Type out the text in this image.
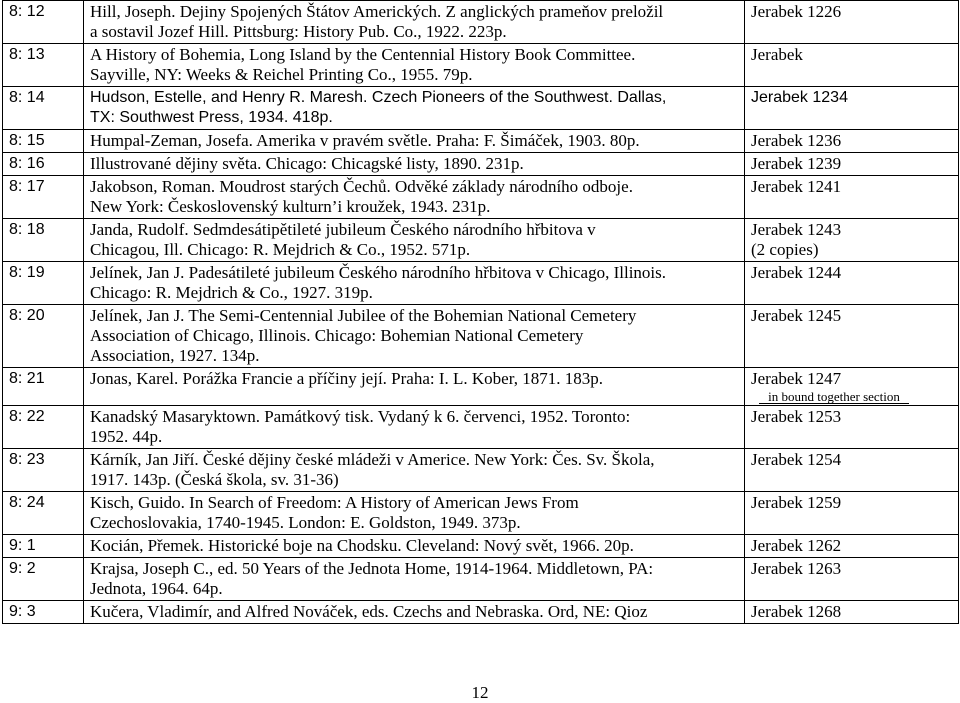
8: 12	Hill, Joseph. Dejiny Spojených Štátov Amerických. Z anglických prameňov preložil
a sostavil Jozef Hill. Pittsburg: History Pub. Co., 1922. 223p.	Jerabek 1226

8: 13	A History of Bohemia, Long Island by the Centennial History Book Committee.
Sayville, NY: Weeks & Reichel Printing Co., 1955. 79p.	Jerabek

8: 14	Hudson, Estelle, and Henry R. Maresh. Czech Pioneers of the Southwest. Dallas,
TX: Southwest Press, 1934. 418p.	Jerabek 1234

8: 15	Humpal-Zeman, Josefa. Amerika v pravém světle. Praha: F. Šimáček, 1903. 80p.	Jerabek 1236

8: 16	Illustrované dějiny světa. Chicago: Chicagské listy, 1890. 231p.	Jerabek 1239

8: 17	Jakobson, Roman. Moudrost starých Čechů. Odvěké základy národního odboje.
New York: Československý kulturn’i kroužek, 1943. 231p.	Jerabek 1241

8: 18	Janda, Rudolf. Sedmdesátipětileté jubileum Českého národního hřbitova v
Chicagou, Ill. Chicago: R. Mejdrich & Co., 1952. 571p.	Jerabek 1243
(2 copies)

8: 19	Jelínek, Jan J. Padesátileté jubileum Českého národního hřbitova v Chicago, Illinois.
Chicago: R. Mejdrich & Co., 1927. 319p.	Jerabek 1244

8: 20	Jelínek, Jan J. The Semi-Centennial Jubilee of the Bohemian National Cemetery
Association of Chicago, Illinois. Chicago: Bohemian National Cemetery
Association, 1927. 134p.	Jerabek 1245

8: 21	Jonas, Karel. Porážka Francie a příčiny její. Praha: I. L. Kober, 1871. 183p.	Jerabek 1247
in bound together section

8: 22	Kanadský Masaryktown. Památkový tisk. Vydaný k 6. červenci, 1952. Toronto:
1952. 44p.	Jerabek 1253

8: 23	Kárník, Jan Jiří. České dějiny české mládeži v Americe. New York: Čes. Sv. Škola,
1917. 143p. (Česká škola, sv. 31-36)	Jerabek 1254

8: 24	Kisch, Guido. In Search of Freedom: A History of American Jews From
Czechoslovakia, 1740-1945. London: E. Goldston, 1949. 373p.	Jerabek 1259

9: 1	Kocián, Přemek. Historické boje na Chodsku. Cleveland: Nový svět, 1966. 20p.	Jerabek 1262

9: 2	Krajsa, Joseph C., ed. 50 Years of the Jednota Home, 1914-1964. Middletown, PA:
Jednota, 1964. 64p.	Jerabek 1263

9: 3	Kučera, Vladimír, and Alfred Nováček, eds. Czechs and Nebraska. Ord, NE: Qioz	Jerabek 1268
12
